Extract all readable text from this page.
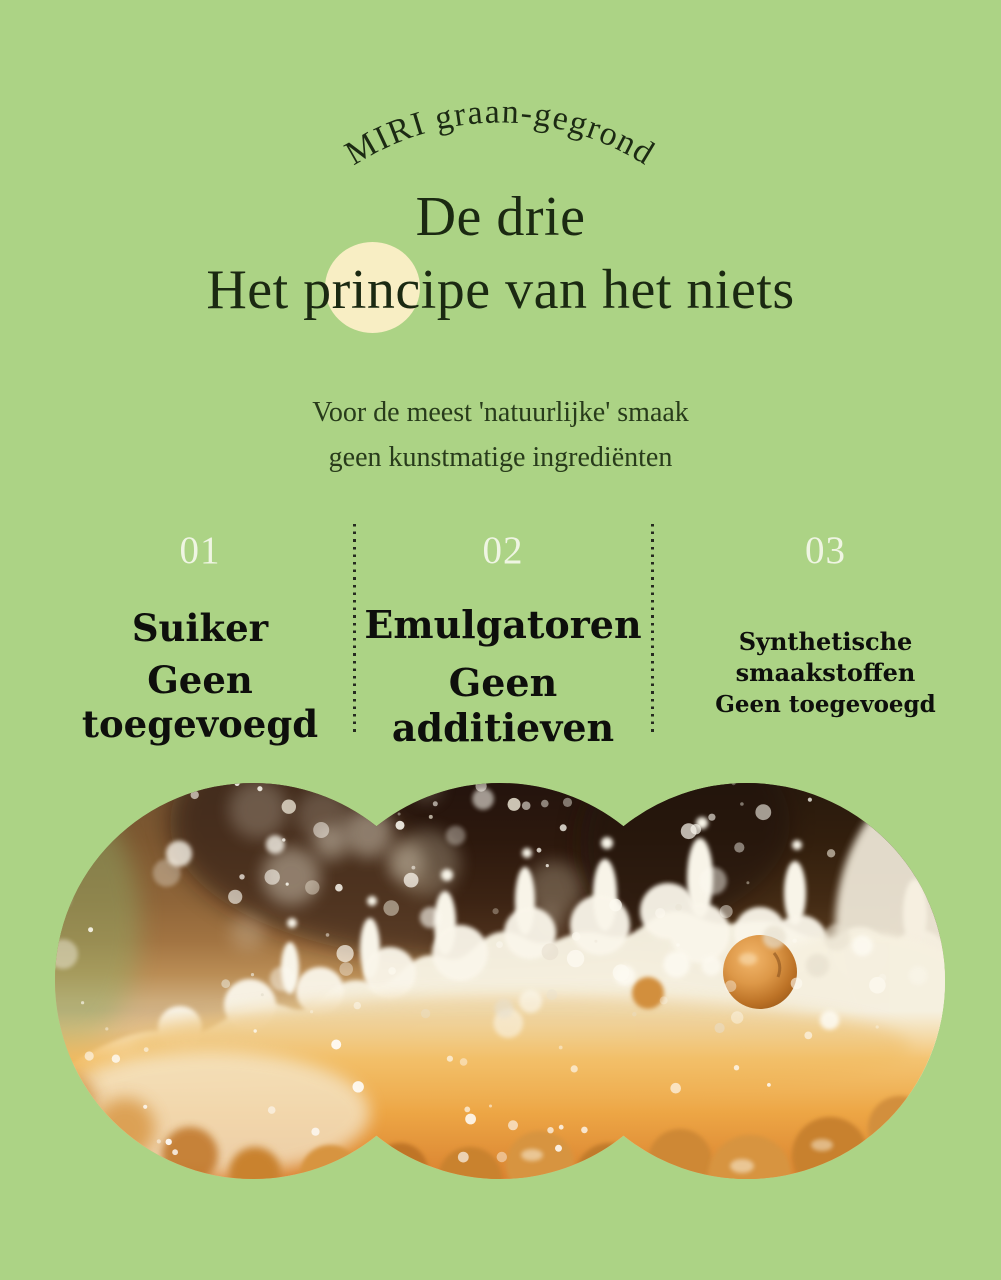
MIRI graan-gegrond
De drie
Het principe van het niets
Voor de meest 'natuurlijke' smaak
geen kunstmatige ingrediënten
01
Suiker
Geen toegevoegd
02
Emulgatoren
Geen additieven
03
Synthetische smaakstoffen
Geen toegevoegd
